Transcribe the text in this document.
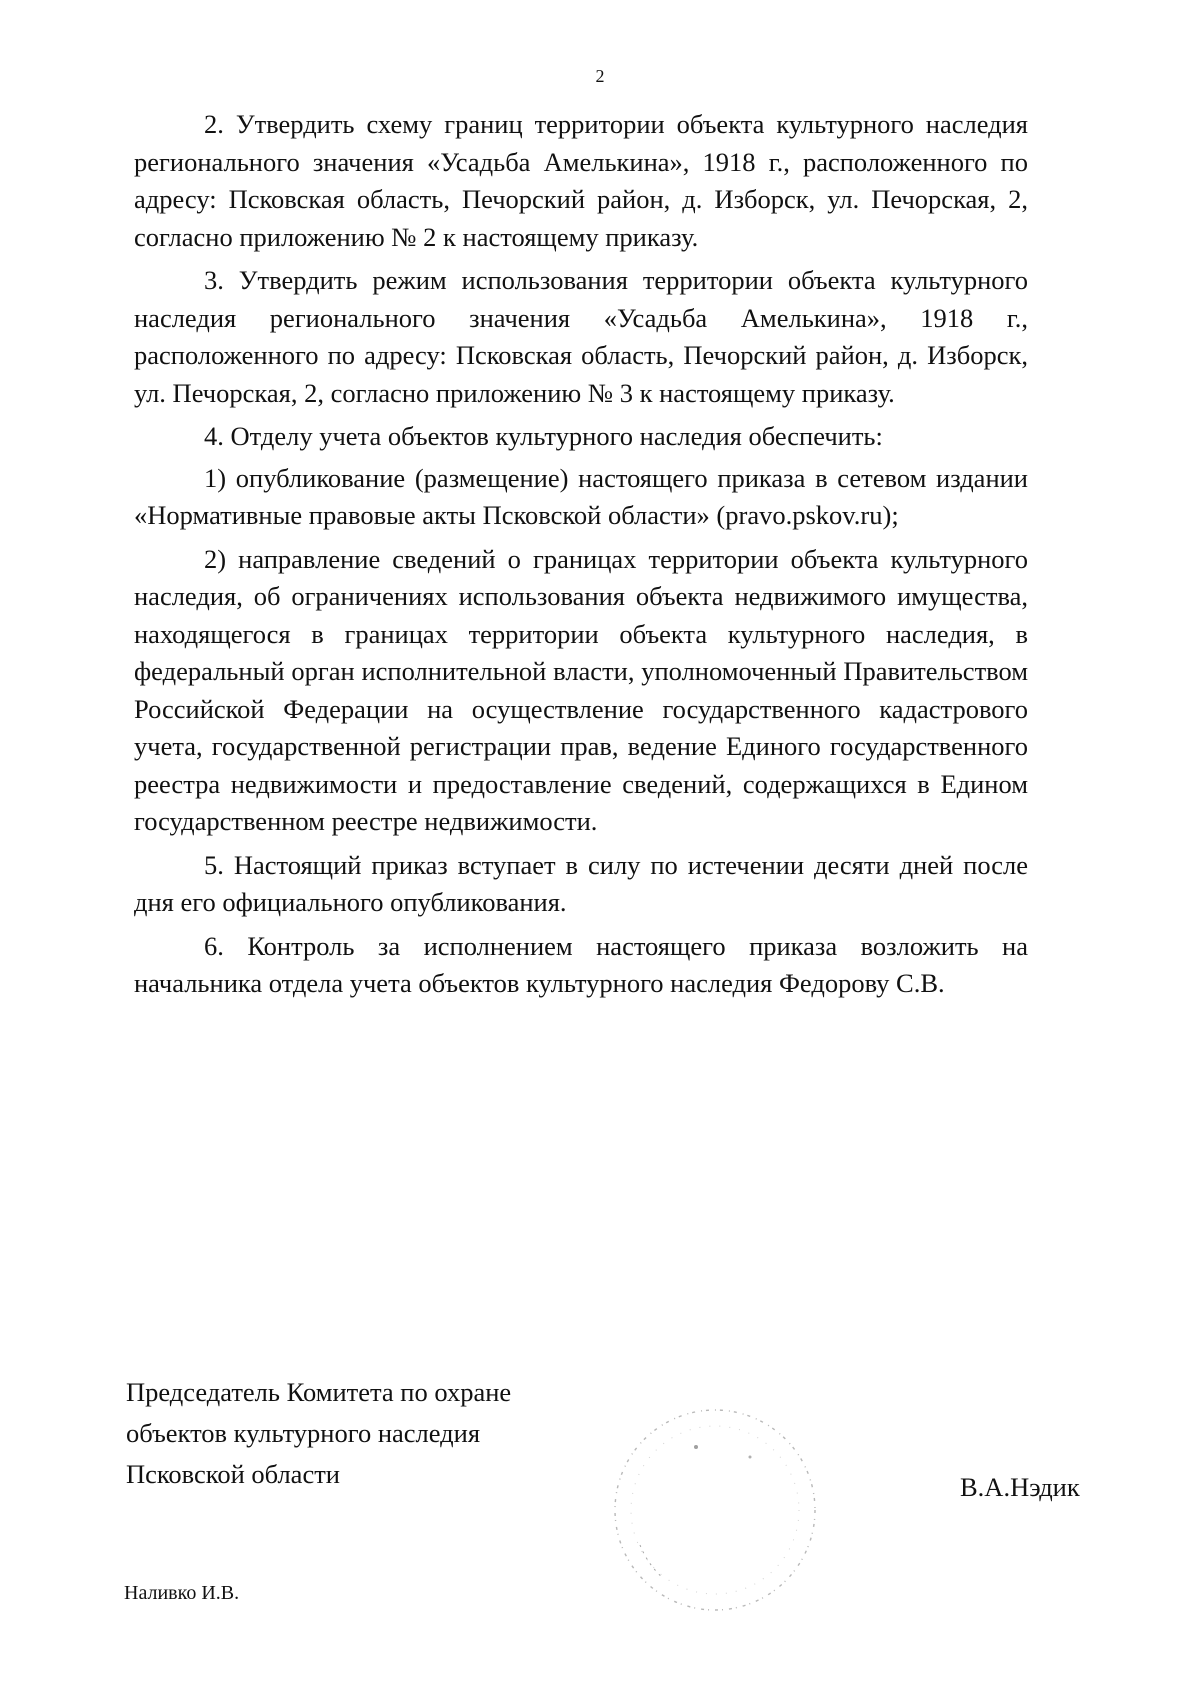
2

2. Утвердить схему границ территории объекта культурного наследия регионального значения «Усадьба Амелькина», 1918 г., расположенного по адресу: Псковская область, Печорский район, д. Изборск, ул. Печорская, 2, согласно приложению № 2 к настоящему приказу.

3. Утвердить режим использования территории объекта культурного наследия регионального значения «Усадьба Амелькина», 1918 г., расположенного по адресу: Псковская область, Печорский район, д. Изборск, ул. Печорская, 2, согласно приложению № 3 к настоящему приказу.

4. Отделу учета объектов культурного наследия обеспечить:

1) опубликование (размещение) настоящего приказа в сетевом издании «Нормативные правовые акты Псковской области» (pravo.pskov.ru);

2) направление сведений о границах территории объекта культурного наследия, об ограничениях использования объекта недвижимого имущества, находящегося в границах территории объекта культурного наследия, в федеральный орган исполнительной власти, уполномоченный Правительством Российской Федерации на осуществление государственного кадастрового учета, государственной регистрации прав, ведение Единого государственного реестра недвижимости и предоставление сведений, содержащихся в Едином государственном реестре недвижимости.

5. Настоящий приказ вступает в силу по истечении десяти дней после дня его официального опубликования.

6. Контроль за исполнением настоящего приказа возложить на начальника отдела учета объектов культурного наследия Федорову С.В.

Председатель Комитета по охране
объектов культурного наследия
Псковской области	В.А.Нэдик
Наливко И.В.
